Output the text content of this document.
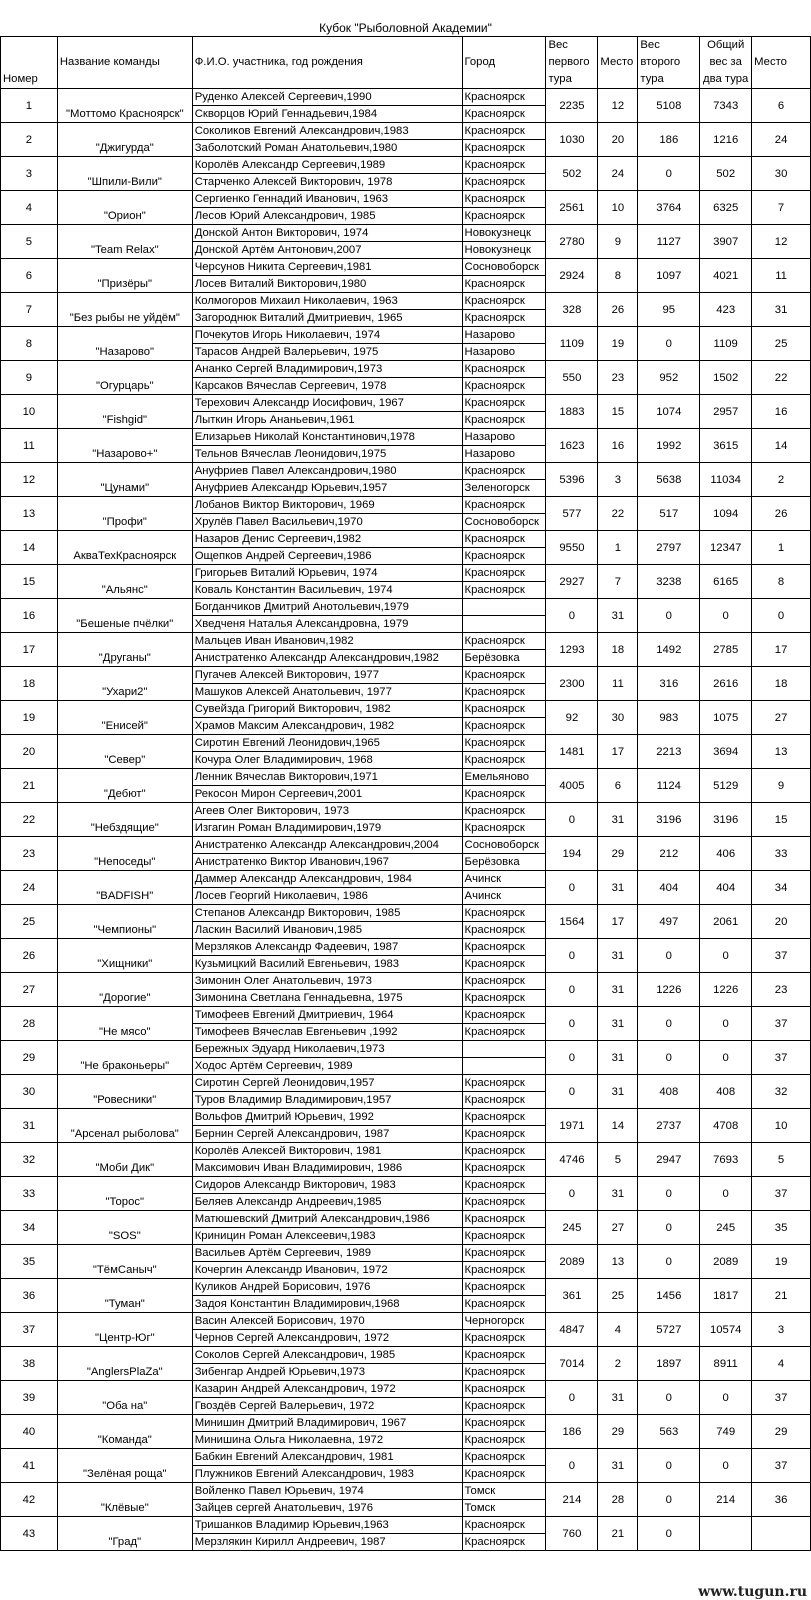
Кубок "Рыболовной Академии"
Номер	Название команды	Ф.И.О. участника, год рождения	Город	Вес первого тура	Место	Вес второго тура	Общий вес за два тура	Место
1	"Моттомо Красноярск"	Руденко Алексей Сергеевич,1990	Красноярск	2235	12	5108	7343	6
		Скворцов Юрий Геннадьевич,1984	Красноярск					
2	"Джигурда"	Соколиков Евгений Александрович,1983	Красноярск	1030	20	186	1216	24
		Заболотский Роман Анатольевич,1980	Красноярск					
3	"Шпили-Вили"	Королёв Александр Сергеевич,1989	Красноярск	502	24	0	502	30
		Старченко Алексей Викторович, 1978	Красноярск					
4	"Орион"	Сергиенко Геннадий Иванович, 1963	Красноярск	2561	10	3764	6325	7
		Лесов Юрий Александрович, 1985	Красноярск					
5	"Team Relax"	Донской Антон Викторович, 1974	Новокузнецк	2780	9	1127	3907	12
		Донской Артём Антонович,2007	Новокузнецк					
6	"Призёры"	Черсунов Никита Сергеевич,1981	Сосновоборск	2924	8	1097	4021	11
		Лосев Виталий Викторович,1980	Красноярск					
7	"Без рыбы не уйдём"	Колмогоров Михаил Николаевич, 1963	Красноярск	328	26	95	423	31
		Загороднюк Виталий Дмитриевич, 1965	Красноярск					
8	"Назарово"	Почекутов Игорь Николаевич, 1974	Назарово	1109	19	0	1109	25
		Тарасов Андрей Валерьевич, 1975	Назарово					
9	"Огурцарь"	Ананко Сергей Владимирович,1973	Красноярск	550	23	952	1502	22
		Карсаков Вячеслав Сергеевич, 1978	Красноярск					
10	"Fishgid"	Терехович Александр Иосифович, 1967	Красноярск	1883	15	1074	2957	16
		Лыткин Игорь Ананьевич,1961	Красноярск					
11	"Назарово+"	Елизарьев Николай Константинович,1978	Назарово	1623	16	1992	3615	14
		Тельнов Вячеслав Леонидович,1975	Назарово					
12	"Цунами"	Ануфриев Павел Александрович,1980	Красноярск	5396	3	5638	11034	2
		Ануфриев Александр Юрьевич,1957	Зеленогорск					
13	"Профи"	Лобанов Виктор Викторович, 1969	Красноярск	577	22	517	1094	26
		Хрулёв Павел Васильевич,1970	Сосновоборск					
14	АкваТехКрасноярск	Назаров Денис Сергеевич,1982	Красноярск	9550	1	2797	12347	1
		Ощепков Андрей Сергеевич,1986	Красноярск					
15	"Альянс"	Григорьев Виталий Юрьевич, 1974	Красноярск	2927	7	3238	6165	8
		Коваль Константин Васильевич, 1974	Красноярск					
16	"Бешеные пчёлки"	Богданчиков Дмитрий Анотольевич,1979		0	31	0	0	0
		Хведченя Наталья Александровна, 1979						
17	"Друганы"	Мальцев Иван Иванович,1982	Красноярск	1293	18	1492	2785	17
		Анистратенко Александр Александрович,1982	Берёзовка					
18	"Ухари2"	Пугачев Алексей Викторович, 1977	Красноярск	2300	11	316	2616	18
		Машуков Алексей Анатольевич, 1977	Красноярск					
19	"Енисей"	Сувейзда Григорий Викторович, 1982	Красноярск	92	30	983	1075	27
		Храмов Максим Александрович, 1982	Красноярск					
20	"Север"	Сиротин Евгений Леонидович,1965	Красноярск	1481	17	2213	3694	13
		Кочура Олег Владимирович, 1968	Красноярск					
21	"Дебют"	Ленник Вячеслав Викторович,1971	Емельяново	4005	6	1124	5129	9
		Рекосон Мирон Сергеевич,2001	Красноярск					
22	"Небздящие"	Агеев Олег Викторович, 1973	Красноярск	0	31	3196	3196	15
		Изгагин Роман Владимирович,1979	Красноярск					
23	"Непоседы"	Анистратенко Александр Александрович,2004	Сосновоборск	194	29	212	406	33
		Анистратенко Виктор Иванович,1967	Берёзовка					
24	"BADFISH"	Даммер Александр Александрович, 1984	Ачинск	0	31	404	404	34
		Лосев Георгий Николаевич, 1986	Ачинск					
25	"Чемпионы"	Степанов Александр Викторович, 1985	Красноярск	1564	17	497	2061	20
		Ласкин Василий Иванович,1985	Красноярск					
26	"Хищники"	Мерзляков Александр Фадеевич, 1987	Красноярск	0	31	0	0	37
		Кузьмицкий Василий Евгеньевич, 1983	Красноярск					
27	"Дорогие"	Зимонин Олег Анатольевич, 1973	Красноярск	0	31	1226	1226	23
		Зимонина Светлана Геннадьевна, 1975	Красноярск					
28	"Не мясо"	Тимофеев Евгений Дмитриевич, 1964	Красноярск	0	31	0	0	37
		Тимофеев Вячеслав Евгеньевич ,1992	Красноярск					
29	"Не браконьеры"	Бережных Эдуард Николаевич,1973		0	31	0	0	37
		Ходос Артём Сергеевич, 1989						
30	"Ровесники"	Сиротин Сергей Леонидович,1957	Красноярск	0	31	408	408	32
		Туров Владимир Владимирович,1957	Красноярск					
31	"Арсенал рыболова"	Вольфов Дмитрий Юрьевич, 1992	Красноярск	1971	14	2737	4708	10
		Бернин Сергей Александрович, 1987	Красноярск					
32	"Моби Дик"	Королёв Алексей Викторович, 1981	Красноярск	4746	5	2947	7693	5
		Максимович Иван Владимирович, 1986	Красноярск					
33	"Торос"	Сидоров Александр Викторович, 1983	Красноярск	0	31	0	0	37
		Беляев Александр Андреевич,1985	Красноярск					
34	"SOS"	Матюшевский Дмитрий Александрович,1986	Красноярск	245	27	0	245	35
		Криницин Роман Алексеевич,1983	Красноярск					
35	"ТёмСаныч"	Васильев Артём Сергеевич, 1989	Красноярск	2089	13	0	2089	19
		Кочергин Александр Иванович, 1972	Красноярск					
36	"Туман"	Куликов Андрей Борисович, 1976	Красноярск	361	25	1456	1817	21
		Задоя Константин Владимирович,1968	Красноярск					
37	"Центр-Юг"	Васин Алексей Борисович, 1970	Черногорск	4847	4	5727	10574	3
		Чернов Сергей Александрович, 1972	Красноярск					
38	"AnglersPlaZa"	Соколов Сергей Александрович, 1985	Красноярск	7014	2	1897	8911	4
		Зибенгар Андрей Юрьевич,1973	Красноярск					
39	"Оба на"	Казарин Андрей Александрович, 1972	Красноярск	0	31	0	0	37
		Гвоздёв Сергей Валерьевич, 1972	Красноярск					
40	"Команда"	Минишин Дмитрий Владимирович, 1967	Красноярск	186	29	563	749	29
		Минишина Ольга Николаевна, 1972	Красноярск					
41	"Зелёная роща"	Бабкин Евгений Александрович, 1981	Красноярск	0	31	0	0	37
		Плужников Евгений Александрович, 1983	Красноярск					
42	"Клёвые"	Войленко Павел Юрьевич, 1974	Томск	214	28	0	214	36
		Зайцев сергей Анатольевич, 1976	Томск					
43	"Град"	Тришанков Владимир Юрьевич,1963	Красноярск	760	21	0		
		Мерзлякин Кирилл Андреевич, 1987	Красноярск					
www.tugun.ru
